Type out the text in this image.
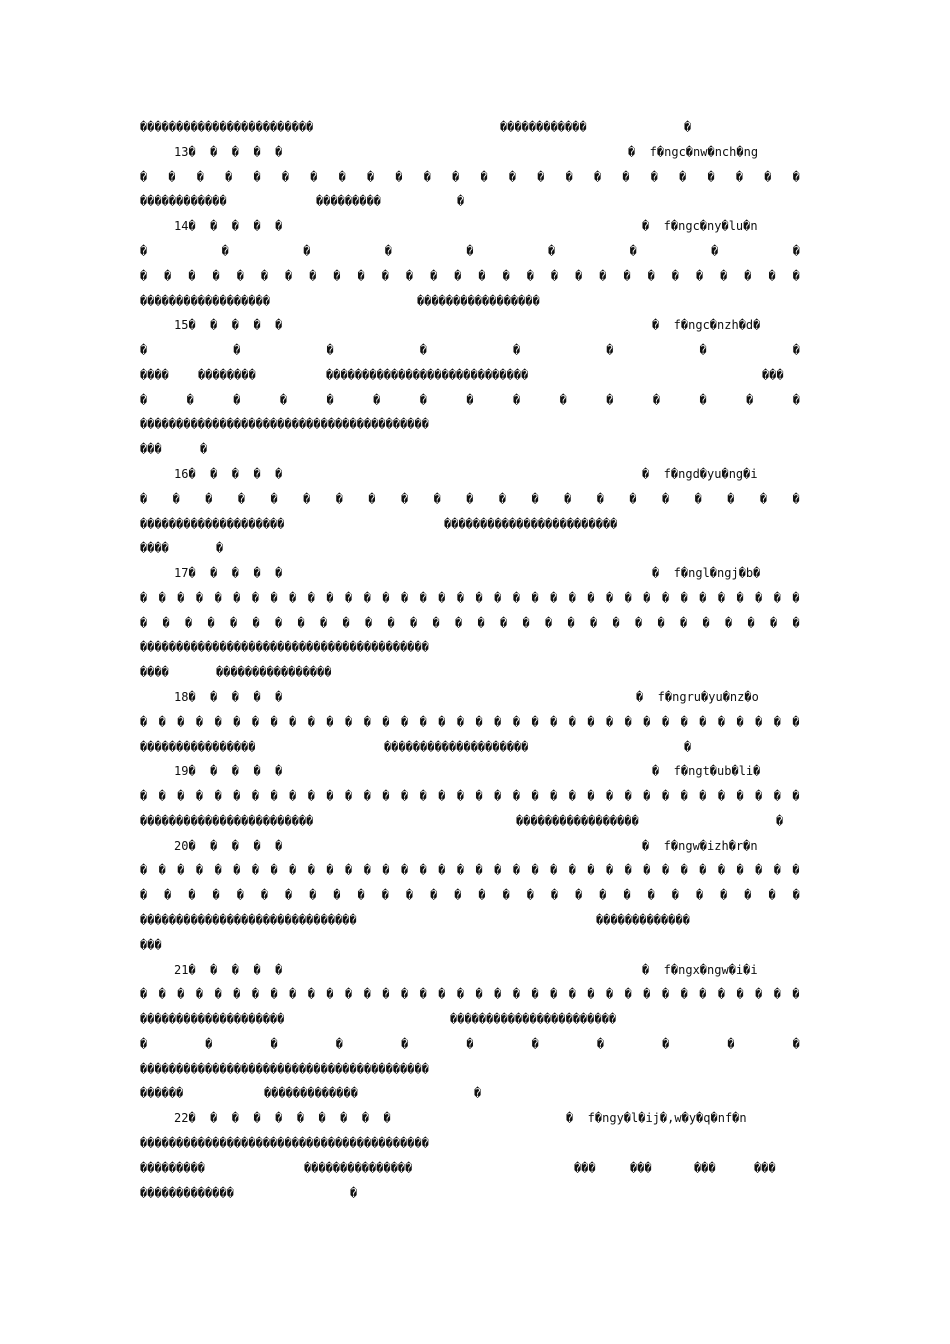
������������������������	������������	�
13�  �  �  �  �	�  f�ngc�nw�nch�ng
� � � � � � � � � � � � � � � � � � � � � � � �
������������	���������	�
14�  �  �  �  �	�  f�ngc�ny�lu�n
�	�	�	�	�	�	�	�	�
� � � � � � � � � � � � � � � � � � � � � � � � � � � �
������������������	�����������������
15�  �  �  �  �	�  f�ngc�nzh�d�
�	�	�	�	�	�	�	�
���� ��������	����������������������������	���
�	�	�	�	�	�	�	�	�	�	�	�	�	�	�
����������������������������������������
���	�
16�  �  �  �  �	�  f�ngd�yu�ng�i
� � � � � � � � � � � � � � � � � � � � �
��������������������	������������������������
����	�
17�  �  �  �  �	�  f�ngl�ngj�b�
� � � � � � � � � � � � � � � � � � � � � � � � � � � � � � � � � � � �
� � � � � � � � � � � � � � � � � � � � � � � � � � � � � �
����������������������������������������
����	����������������
18�  �  �  �  �	�  f�ngru�yu�nz�o
� � � � � � � � � � � � � � � � � � � � � � � � � � � � � � � � � � � �
����������������	��������������������	�
19�  �  �  �  �	�  f�ngt�ub�li�
� � � � � � � � � � � � � � � � � � � � � � � � � � � � � � � � � � � �
������������������������	�����������������	�
20�  �  �  �  �	�  f�ngw�izh�r�n
� � � � � � � � � � � � � � � � � � � � � � � � � � � � � � � � � � � �
� � � � � � � � � � � � � � � � � � � � � � � � � � � �
������������������������������	�������������
���
21�  �  �  �  �	�  f�ngx�ngw�i�i
� � � � � � � � � � � � � � � � � � � � � � � � � � � � � � � � � � � �
��������������������	�����������������������
�	�	�	�	�	�	�	�	�	�	�
����������������������������������������
������	�������������	�
22�  �  �  �  �  �  �  �  �  �	�  f�ngy�l�ij�,w�y�q�nf�n
����������������������������������������
���������	���������������	���	���	���	���
�������������	�
